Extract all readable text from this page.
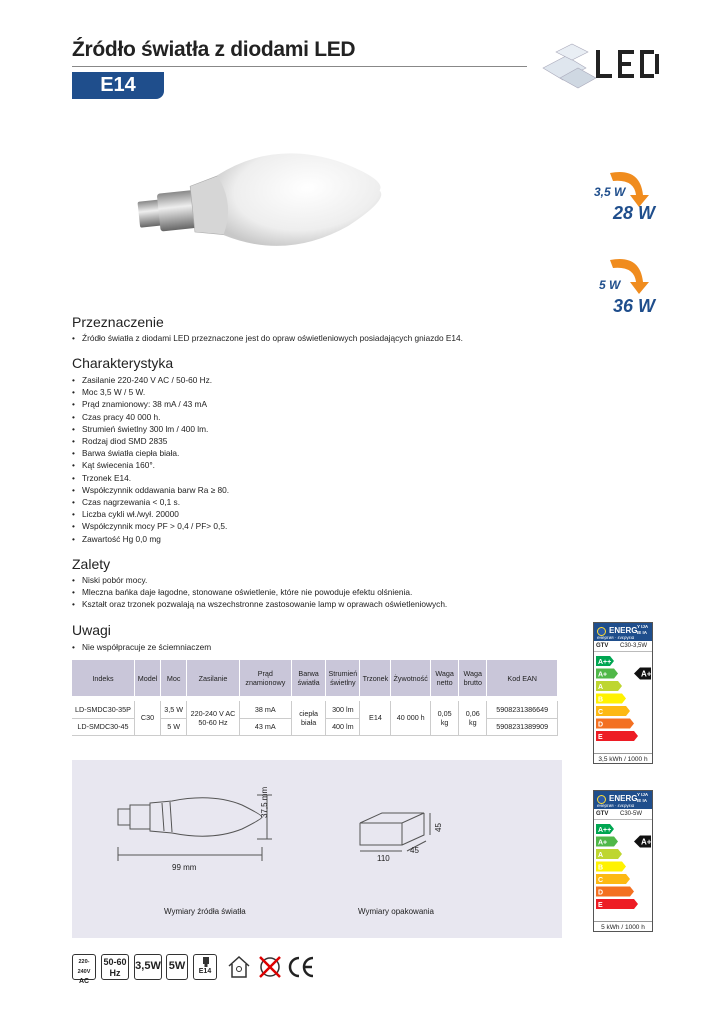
Źródło światła z diodami LED
E14
3,5 W
28 W
5 W
36 W
Przeznaczenie
• Źródło światła z diodami LED przeznaczone jest do opraw oświetleniowych posiadających gniazdo E14.
Charakterystyka
• Zasilanie 220-240 V AC / 50-60 Hz.
• Moc 3,5 W / 5 W.
• Prąd znamionowy: 38 mA / 43 mA
• Czas pracy 40 000 h.
• Strumień świetlny 300 lm / 400 lm.
• Rodzaj diod SMD 2835
• Barwa światła ciepła biała.
• Kąt świecenia 160°.
• Trzonek E14.
• Współczynnik oddawania barw Ra ≥ 80.
• Czas nagrzewania < 0,1 s.
• Liczba cykli wł./wył. 20000
• Współczynnik mocy PF > 0,4 / PF> 0,5.
• Zawartość Hg 0,0 mg
Zalety
• Niski pobór mocy.
• Mleczna bańka daje łagodne, stonowane oświetlenie, które nie powoduje efektu olśnienia.
• Kształt oraz trzonek pozwalają na wszechstronne zastosowanie lamp w oprawach oświetleniowych.
Uwagi
• Nie współpracuje ze ściemniaczem
Indeks	Model	Moc	Zasilanie	Prąd znamionowy	Barwa światła	Strumień świetlny	Trzonek	Żywotność	Waga netto	Waga brutto	Kod EAN

LD-SMDC30-35P	C30	3,5 W	220-240 V AC 50-60 Hz	38 mA	ciepła biała	300 lm	E14	40 000 h	0,05 kg	0,06 kg	5908231386649
LD-SMDC30-45		5 W		43 mA		400 lm					5908231389909
99 mm
37,5 mm
110
45
45
Wymiary źródła światła	Wymiary opakowania
ENERG Y IJA
IE IA
енергия · ενεργεια
GTV C30-3,5W
A++
A+	A+
A
B
C
D
E
3,5 kWh / 1000 h
ENERG Y IJA
IE IA
енергия · ενεργεια
GTV C30-5W
A++
A+	A+
A
B
C
D
E
5 kWh / 1000 h
220-240V
AC
50-60
Hz
3,5W 5W	E14
